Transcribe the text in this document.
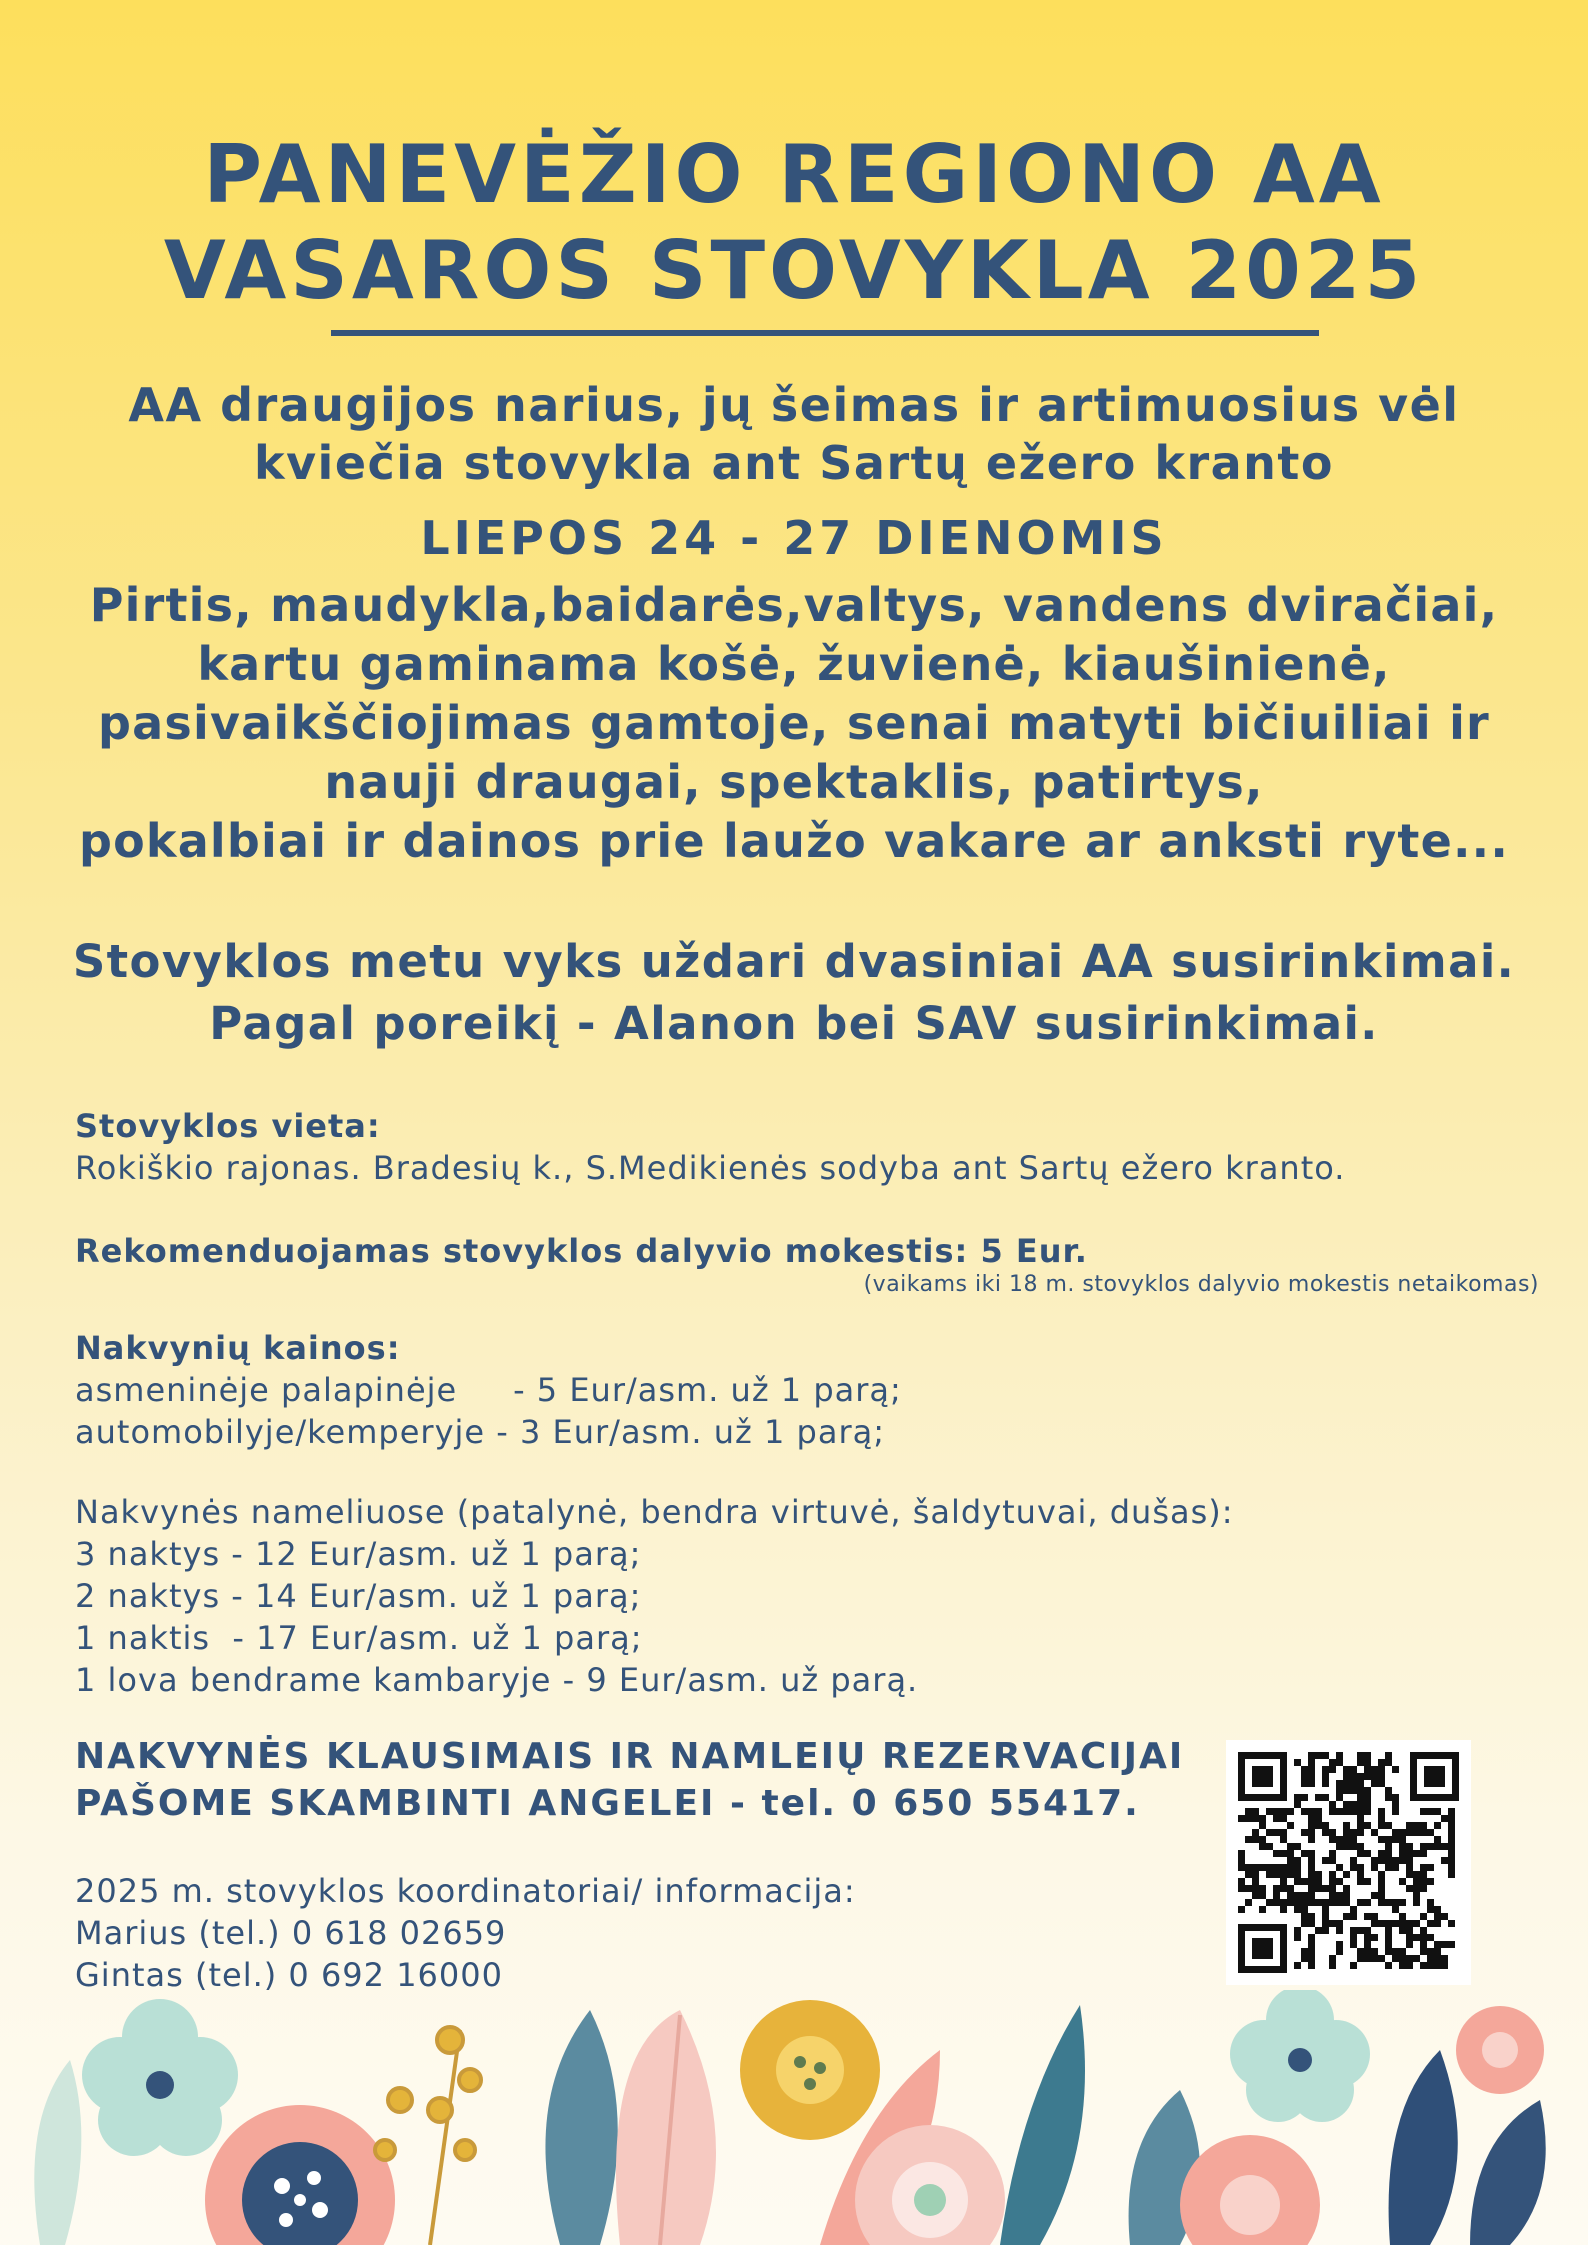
PANEVĖŽIO REGIONO AA
VASAROS STOVYKLA 2025
AA draugijos narius, jų šeimas ir artimuosius vėl
kviečia stovykla ant Sartų ežero kranto
LIEPOS 24 - 27 DIENOMIS
Pirtis, maudykla,baidarės,valtys, vandens dviračiai,
kartu gaminama košė, žuvienė, kiaušinienė,
pasivaikščiojimas gamtoje, senai matyti bičiuiliai ir
nauji draugai, spektaklis, patirtys,
pokalbiai ir dainos prie laužo vakare ar anksti ryte...
Stovyklos metu vyks uždari dvasiniai AA susirinkimai.
Pagal poreikį - Alanon bei SAV susirinkimai.
Stovyklos vieta:
Rokiškio rajonas. Bradesių k., S.Medikienės sodyba ant Sartų ežero kranto.
Rekomenduojamas stovyklos dalyvio mokestis: 5 Eur.
(vaikams iki 18 m. stovyklos dalyvio mokestis netaikomas)
Nakvynių kainos:
asmeninėje palapinėje     - 5 Eur/asm. už 1 parą;
automobilyje/kemperyje - 3 Eur/asm. už 1 parą;
Nakvynės nameliuose (patalynė, bendra virtuvė, šaldytuvai, dušas):
3 naktys - 12 Eur/asm. už 1 parą;
2 naktys - 14 Eur/asm. už 1 parą;
1 naktis  - 17 Eur/asm. už 1 parą;
1 lova bendrame kambaryje - 9 Eur/asm. už parą.
NAKVYNĖS KLAUSIMAIS IR NAMLEIŲ REZERVACIJAI
PAŠOME SKAMBINTI ANGELEI - tel. 0 650 55417.
2025 m. stovyklos koordinatoriai/ informacija:
Marius (tel.) 0 618 02659
Gintas (tel.) 0 692 16000
